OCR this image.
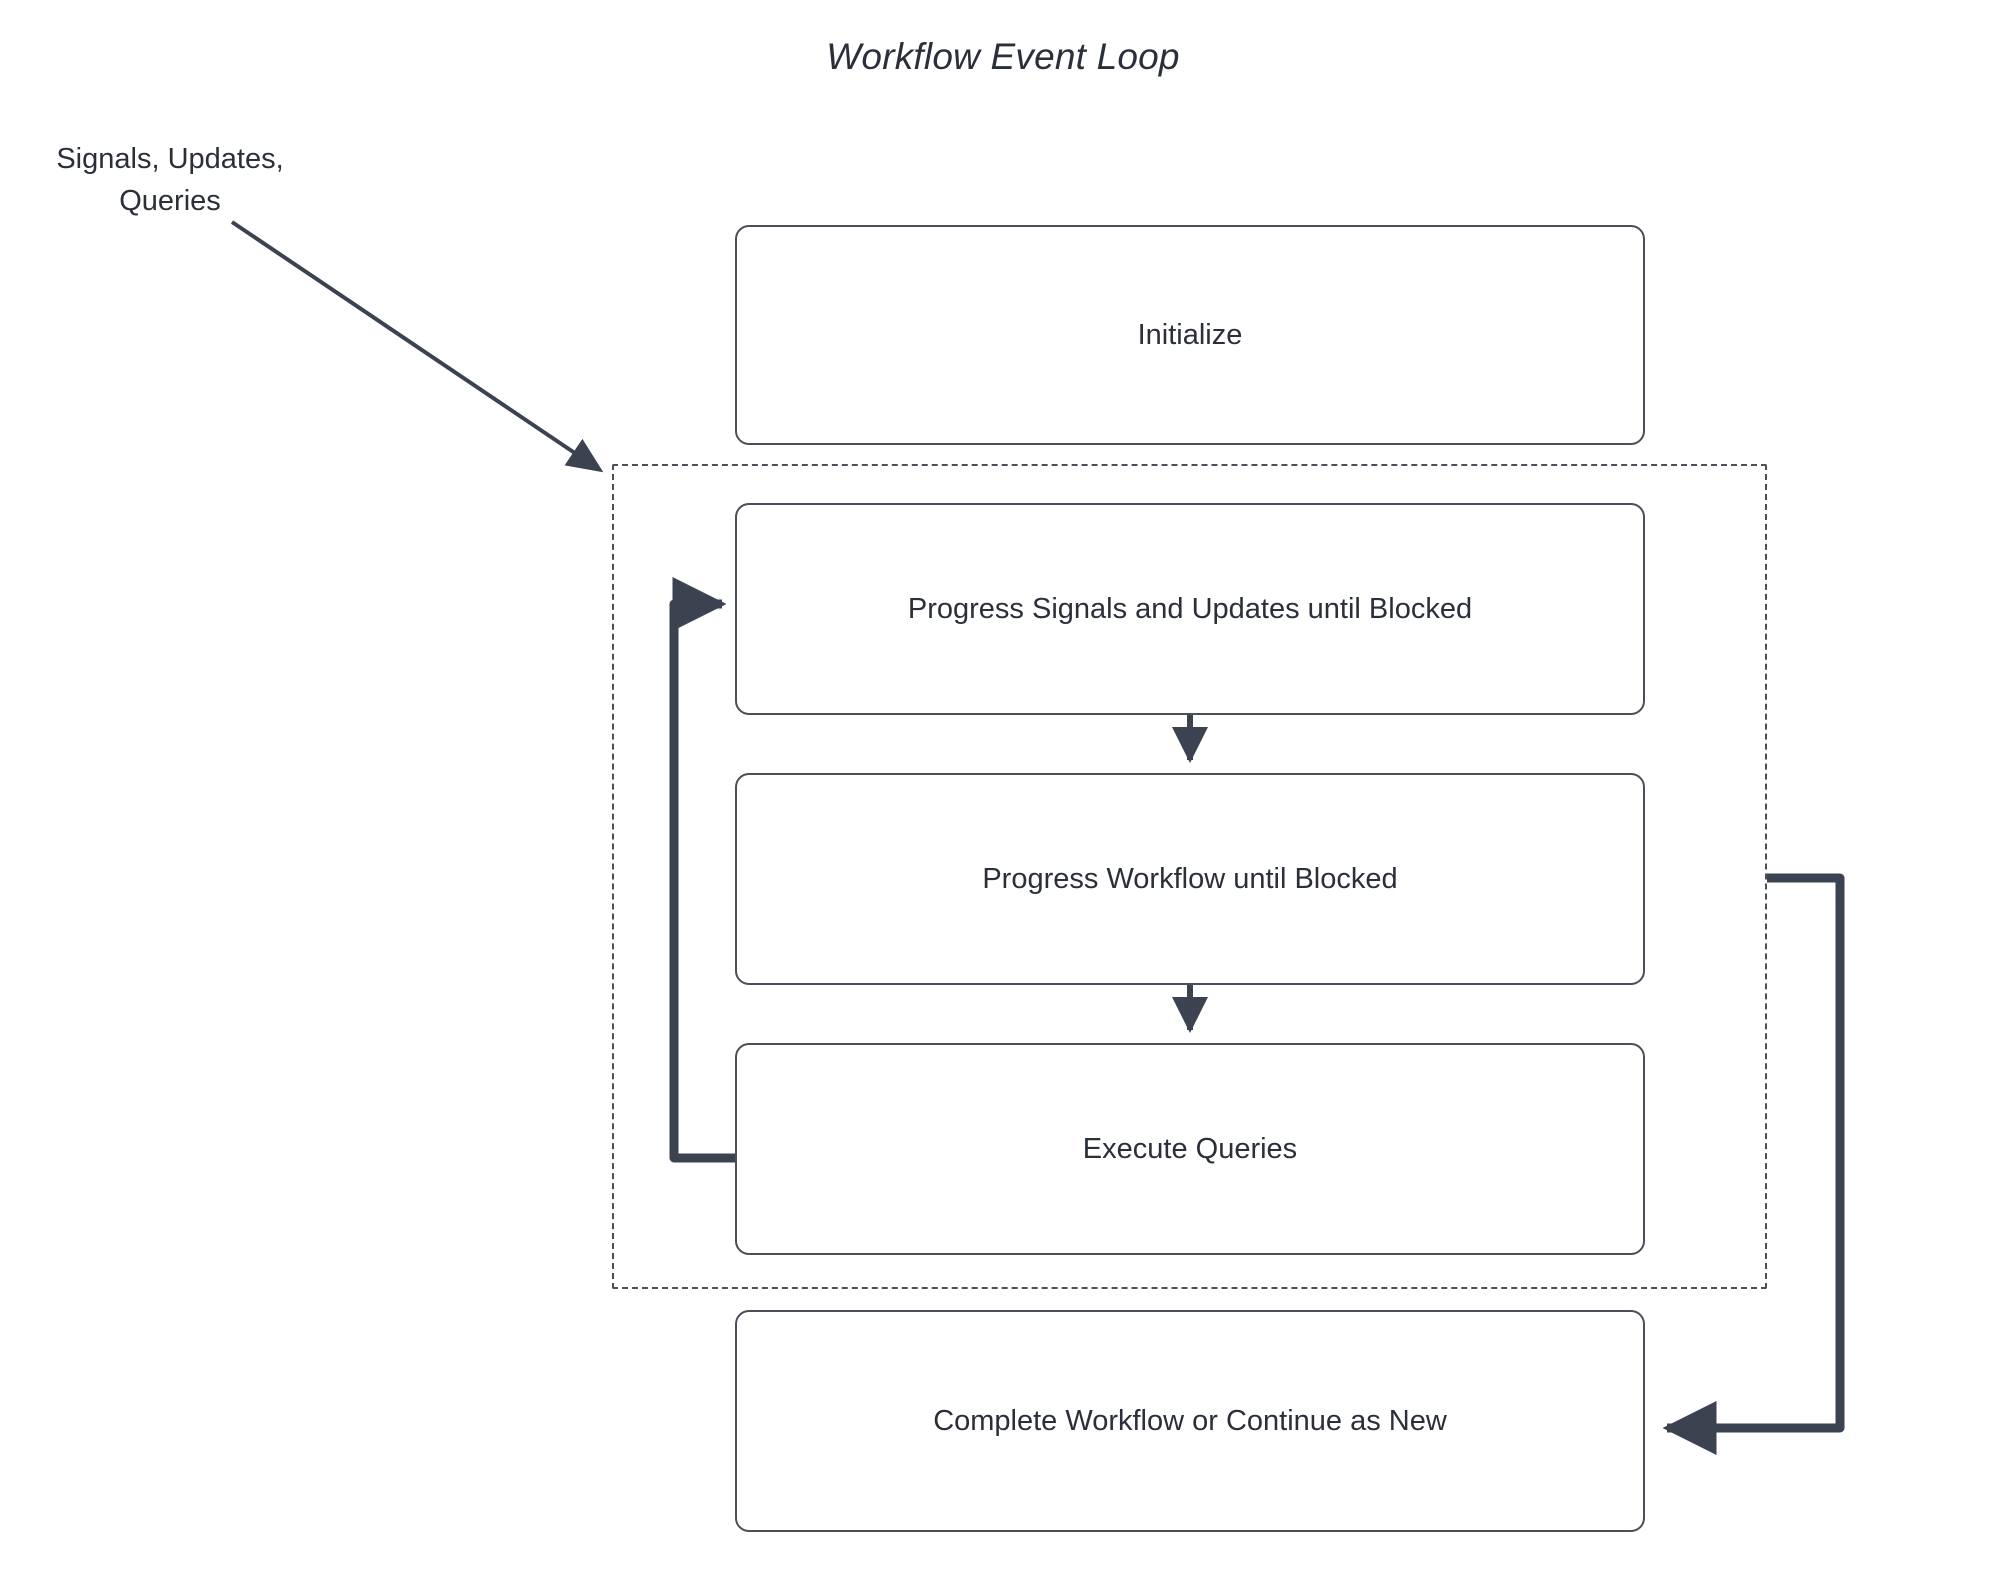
Workflow Event Loop
Signals, Updates, Queries
Initialize
Progress Signals and Updates until Blocked
Progress Workflow until Blocked
Execute Queries
Complete Workflow or Continue as New
